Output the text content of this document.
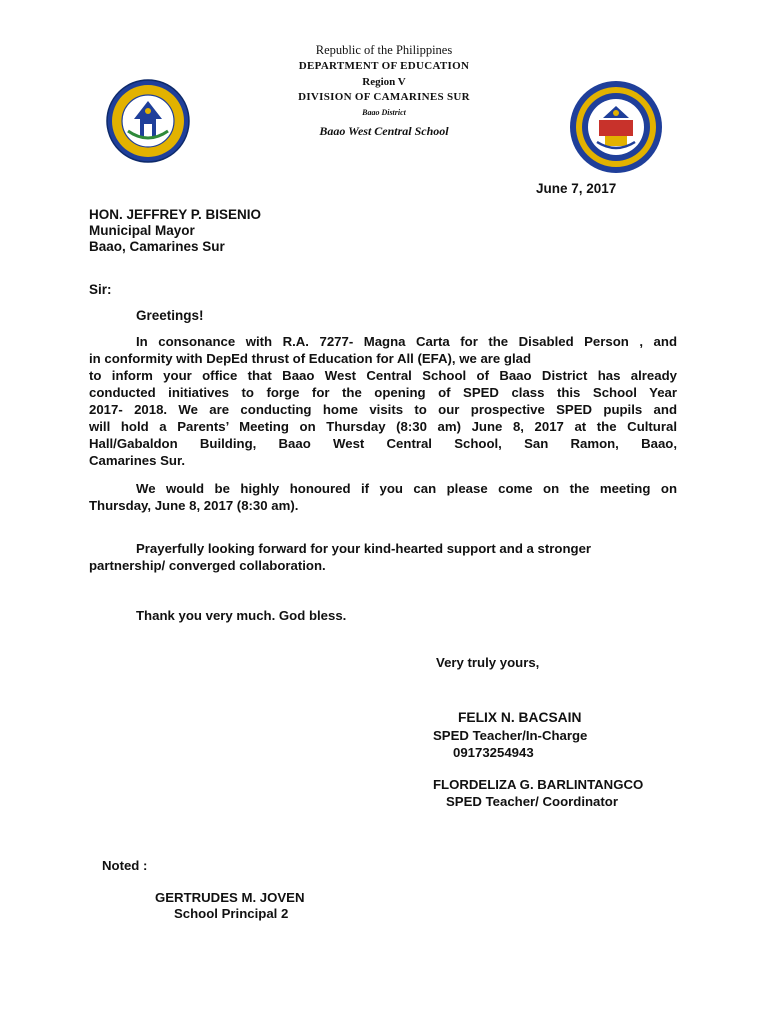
Republic of the Philippines
DEPARTMENT OF EDUCATION
Region V
DIVISION OF CAMARINES SUR
Baao District
Baao West Central School
June 7, 2017
HON. JEFFREY P. BISENIO
Municipal Mayor
Baao, Camarines Sur
Sir:
Greetings!
In consonance with R.A. 7277- Magna Carta for the Disabled Person , and
in conformity with DepEd thrust of Education for All (EFA), we are glad
to inform your office that Baao West Central School of Baao District has already
conducted initiatives to forge for the opening of SPED class this School Year
2017- 2018. We are conducting home visits to our prospective SPED pupils and
will hold a Parents’ Meeting on Thursday (8:30 am) June 8, 2017 at the Cultural
Hall/Gabaldon Building, Baao West Central School, San Ramon, Baao,
Camarines Sur.
We would be highly honoured if you can please come on the meeting on
Thursday, June 8, 2017 (8:30 am).
Prayerfully looking forward for your kind-hearted support and a stronger
partnership/ converged collaboration.
Thank you very much. God bless.
Very truly yours,
FELIX N. BACSAIN
SPED Teacher/In-Charge
09173254943
FLORDELIZA G. BARLINTANGCO
SPED Teacher/ Coordinator
Noted :
GERTRUDES M. JOVEN
School Principal 2
